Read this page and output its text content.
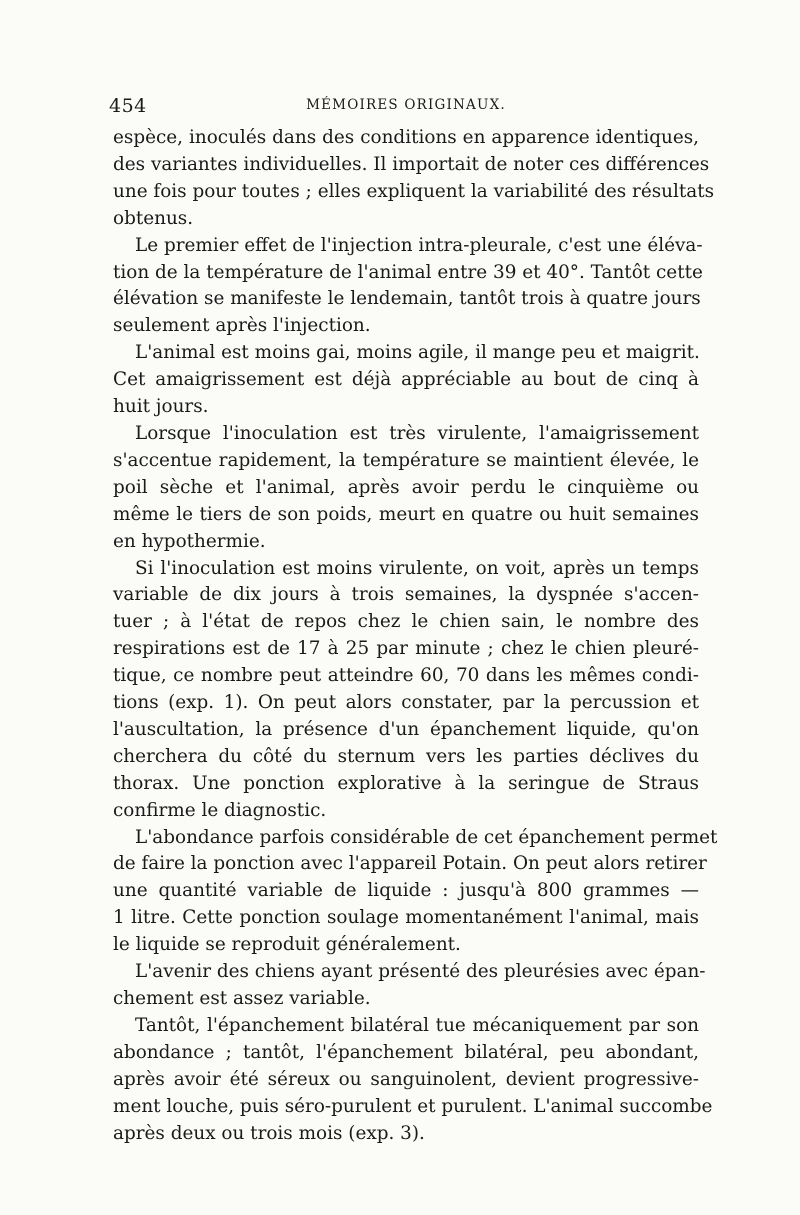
454	MÉMOIRES ORIGINAUX.

espèce, inoculés dans des conditions en apparence identiques,
des variantes individuelles. Il importait de noter ces différences
une fois pour toutes ; elles expliquent la variabilité des résultats
obtenus.

Le premier effet de l'injection intra-pleurale, c'est une éléva-
tion de la température de l'animal entre 39 et 40°. Tantôt cette
élévation se manifeste le lendemain, tantôt trois à quatre jours
seulement après l'injection.

L'animal est moins gai, moins agile, il mange peu et maigrit.
Cet amaigrissement est déjà appréciable au bout de cinq à
huit jours.

Lorsque l'inoculation est très virulente, l'amaigrissement
s'accentue rapidement, la température se maintient élevée, le
poil sèche et l'animal, après avoir perdu le cinquième ou
même le tiers de son poids, meurt en quatre ou huit semaines
en hypothermie.

Si l'inoculation est moins virulente, on voit, après un temps
variable de dix jours à trois semaines, la dyspnée s'accen-
tuer ; à l'état de repos chez le chien sain, le nombre des
respirations est de 17 à 25 par minute ; chez le chien pleuré-
tique, ce nombre peut atteindre 60, 70 dans les mêmes condi-
tions (exp. 1). On peut alors constater, par la percussion et
l'auscultation, la présence d'un épanchement liquide, qu'on
cherchera du côté du sternum vers les parties déclives du
thorax. Une ponction explorative à la seringue de Straus
confirme le diagnostic.

L'abondance parfois considérable de cet épanchement permet
de faire la ponction avec l'appareil Potain. On peut alors retirer
une quantité variable de liquide : jusqu'à 800 grammes —
1 litre. Cette ponction soulage momentanément l'animal, mais
le liquide se reproduit généralement.

L'avenir des chiens ayant présenté des pleurésies avec épan-
chement est assez variable.

Tantôt, l'épanchement bilatéral tue mécaniquement par son
abondance ; tantôt, l'épanchement bilatéral, peu abondant,
après avoir été séreux ou sanguinolent, devient progressive-
ment louche, puis séro-purulent et purulent. L'animal succombe
après deux ou trois mois (exp. 3).
